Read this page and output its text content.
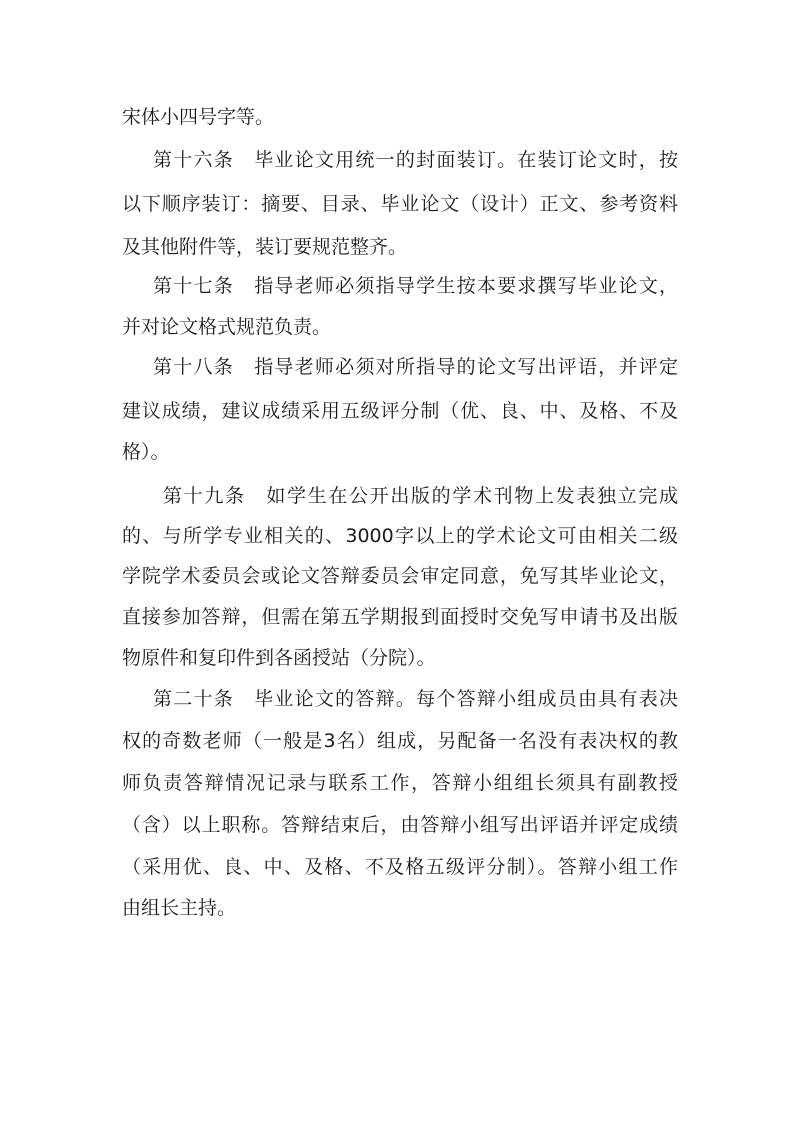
宋体小四号字等。
第十六条　毕业论文用统一的封面装订。在装订论文时，按
以下顺序装订：摘要、目录、毕业论文（设计）正文、参考资料
及其他附件等，装订要规范整齐。
第十七条　指导老师必须指导学生按本要求撰写毕业论文，
并对论文格式规范负责。
第十八条　指导老师必须对所指导的论文写出评语，并评定
建议成绩，建议成绩采用五级评分制（优、良、中、及格、不及
格）。
第十九条　如学生在公开出版的学术刊物上发表独立完成
的、与所学专业相关的、3000字以上的学术论文可由相关二级
学院学术委员会或论文答辩委员会审定同意，免写其毕业论文，
直接参加答辩，但需在第五学期报到面授时交免写申请书及出版
物原件和复印件到各函授站（分院）。
第二十条　毕业论文的答辩。每个答辩小组成员由具有表决
权的奇数老师（一般是3名）组成，另配备一名没有表决权的教
师负责答辩情况记录与联系工作，答辩小组组长须具有副教授
（含）以上职称。答辩结束后，由答辩小组写出评语并评定成绩
（采用优、良、中、及格、不及格五级评分制）。答辩小组工作
由组长主持。
